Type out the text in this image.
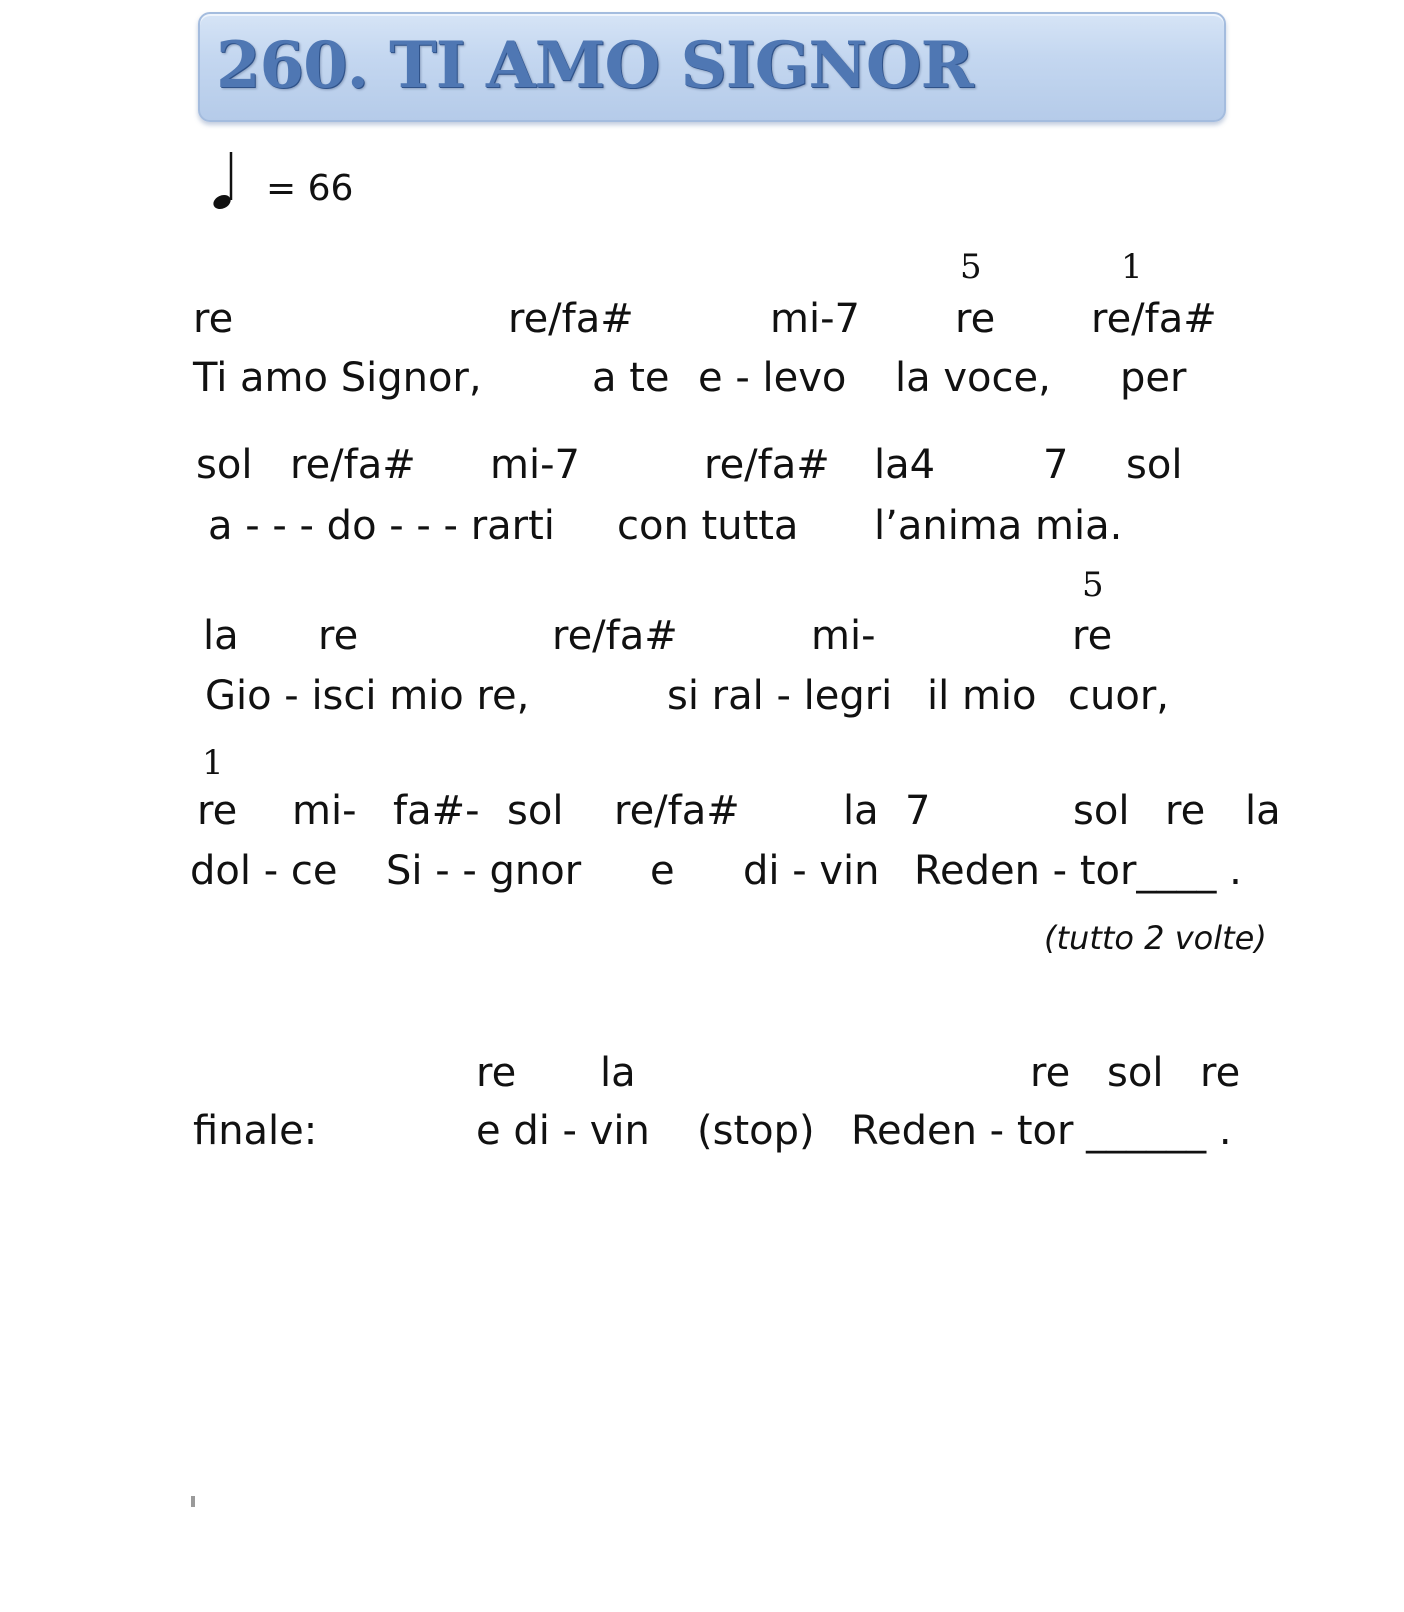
260. TI AMO SIGNOR
= 66
5	1
re	re/fa#	mi-7 re re/fa#
Ti amo Signor,	a te e - levo la voce, per
sol re/fa# mi-7	re/fa# la4	7 sol
a - - - do - - - rarti con tutta l’anima mia.
5
la re	re/fa#	mi-	re
Gio - isci mio re,	si ral - legri il mio cuor,
1
re mi- fa#- sol re/fa#	la 7	sol re la
dol - ce Si - - gnor e di - vin Reden - tor____ .
(tutto 2 volte)
re la	re sol re
finale:	e di - vin (stop) Reden - tor ______ .
